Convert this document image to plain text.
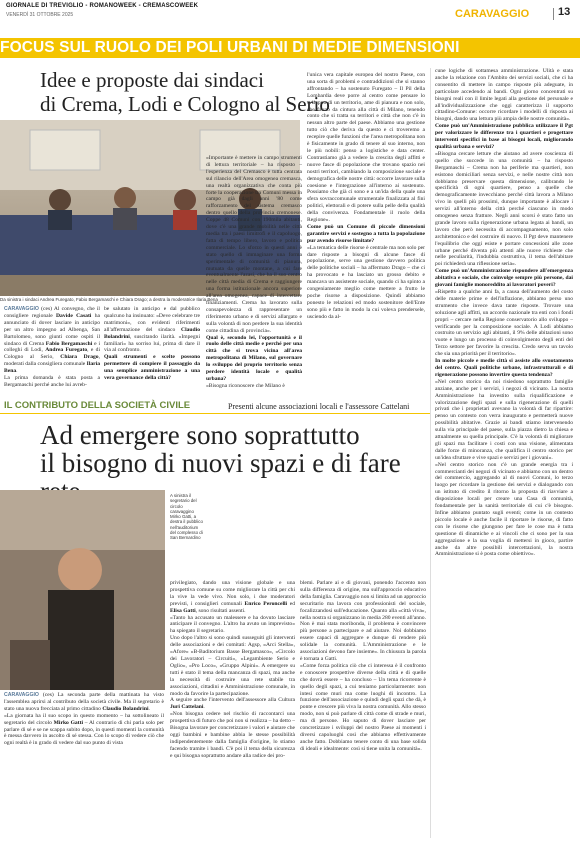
GIORNALE DI TREVIGLIO - ROMANOWEEK - CREMASCOWEEK
VENERDÌ 31 OTTOBRE 2025	CARAVAGGIO	13
FOCUS SUL RUOLO DEI POLI URBANI DI MEDIE DIMENSIONI
Idee e proposte dai sindaci
di Crema, Lodi e Cologno al Serio
Da sinistra i sindaci Andrea Furegato, Fabio Bergamaschi e Chiara Drago; a destra la moderatrice Ilaria Bena
CARAVAGGIO (ces) Al convegno, che il consigliere regionale Davide Casati ha annunciato di dover lasciare in anticipo per un altro impegno ad Albenga, San Bartolomeo, sono giunti come ospiti il sindaco di Crema Fabio Bergamaschi e i colleghi di Lodi, Andrea Furegato, e di Cologno al Serio, Chiara Drago, moderati dalla consigliera comunale Ilaria Bena.
La prima domanda è stata posta a Bergamaschi perché anche lui avreb-
be salutato in anticipo e dal pubblico qualcuno ha insinuato: «Deve celebrare tre matrimoni», con evidenti riferimenti all'affermazione del sindaco Claudio Bolandrini, suscitando ilarità. «Impegni familiari» ha sorriso lui, prima di dare il via al confronto.
Quali strumenti e scelte possono permettere di compiere il passaggio da una semplice amministrazione a una vera governance della città?
«Importante è mettere in campo strumenti di lettura territoriale – ha risposto – l'esperienza del Cremasco è tutta centrata sul rilancio dell'Area omogenea cremasca, una realtà organizzativa che conta più forte la cooperazione tra Comuni messa in campo già dagli anni '80 come rafforzamento del sistema cremasco dentro quello della provincia cremonese. Coppe 48 Comuni con 190mila abitanti, dove c'è una grande mobilità nelle città media tra i paesi limitrofi e il capoluogo, fatta di tempo libero, lavoro e politica commerciale. Lo sforzo in questi anni è stato quello di immaginare una forma sperimentale di comunità di pianura, mutuata da quelle montane, a cui fare eventualmente l'azasi, che ha il suo centro nelle città media di Crema e raggiungere una forma istituzionale ancora superiore all'area omogenea, capace di intercettare finanziamenti. Crema ha lavorato sulla consapevolezza di rappresentare un riferimento urbano e di servizi allargato e sulla volontà di non perdere la sua identità come cittadina di provincia».
Qual è, secondo lei, l'opportunità e il ruolo delle città medie e perché per una città che si trova vicina all'area metropolitana di Milano, sul governare lo sviluppo del proprio territorio senza perdere identità locale e qualità urbana?
«Bisogna riconoscere che Milano è
l'unica vera capitale europea del nostro Paese, con una sorta di problemi e contraddizioni che si stanno affrontando – ha sostenuto Furegato – Il Pil della Lombardia deve porre al centro come pensare lo sviluppo di un territorio, ame di pianura e non solo, che fanno da cintura alla città di Milano, tenendo conto che si tratta su territori e città che non c'è in nessun altro parte del paese. Abbiamo una gestione tutto ciò che deriva da questo e ci troveremo a recepire quelle funzioni che l'area metropolitana non è fisicamente in grado di tenere al suo interno, non le più nobili: penso a logistiche e data center. Contrastiamo già a vedere la crescita degli affitti e nuove fasce di popolazione che trovano spazio nei nostri territori, cambiando la composizione sociale e demografica delle nostre città: occorre lavorare sulla coesione e l'integrazione all'interno ai sostenuto. Possiamo che già ci sono e a un'ida della quale una sfera sovraccomunale strumentale finalizzata al fini politici, elettorali e di potere sulla pelle della qualità della convivenza. Fondamentale il ruolo della Regione».
Come può un Comune di piccole dimensioni garantire servizi e sostegno a tutta la popolazione pur avendo risorse limitate?
«La tematica delle risorse è centrale ma non solo per dare risposte a bisogni di alcune fasce di popolazione, serve una gestione davvero politica delle politiche sociali – ha affermato Drago – che ci ha provocato e ha lasciato un grosso debito e mancava un assistente sociale, quando ci ha spinto a congeniamente meglio come mettere a frutto le poche risorse a disposizione. Quindi abbiamo ponesto le relazioni ed modo sostenitore dell'Ente sono più e fatto in modo la cui voleva prendersele, usciendo da al-
cune logiche di sottamesa amministrazione. Ulità e stata anche la relazione con l'Ambito dei servizi sociali, che ci ha consentito di mettere in campo risposte più adeguate, in particolare accedendo ai bandi. Ogni giorno concentrati su bisogni reali con il limite legati alla gestione del personale e all'individualizzazione che oggi caratterizza il supporto cittadino-Comune: occorre ricordare i modelli di risposta ai bisogni, dando una lettura più ampia delle nostre comunità».
Come può un'Amministrazione pubblica utilizzare il Pgt per valorizzare le differenze tra i quartieri e progettare interventi specifici in base ai bisogni locali, migliorando qualità urbana e servizi?
«Bisogna cercare letture che aiutano ad avere coscienza di quello che succede in una comunità – ha risposto Bergamaschi – Crema non ha periferie ma quartieri, non esistono domiciliari senza servizi, e nelle nostre città non dobbiamo preservare questa dimensione, calibrando le specificità di ogni quartiere, penso a quelle che demograficamente invecchiano perché città lavora a Milano vivo in quelli più prossimi, dunque importante è allocare i servizi all'interno della città perché ciascuno in modo omogeneo senza fratture. Negli anni scorsi è stato fatto un grande lavoro sulla rigenerazione urbana legata ai bandi, un lavoro che però necessita di accompagnamento, non solo architettonico e del costruire di nuovo. Il Pgt deve mantenere l'equilibrio che oggi esiste e portare concessioni alle zone urbane perché diventa più attenti alle nuove richieste che nelle peculiarità, l'indubbia costruttiva, il tema dell'abitare poi richiederà una riflessione seria».
Come può un'Amministrazione rispondere all'emergenza abitativa e sociale, che coinvolge sempre più persone, dai giovani famiglie monoreddito ai lavoratori poveri?
«Rispetto a qualche anni fa, a causa dell'aumento del costo delle materie prime e dell'inflazione, abbiamo perso uno strumento che invece dava tante risposte. Trovare una soluzione agli affitti, un accordo nazionale tra enti con i fondi propri – cercare nella Regione conservatorio allo sviluppo – verificando per la composizione sociale. A Lodi abbiamo costruito un servizio agli abitanti, il 9% delle abitazioni sono vuote e lungo un processo di coinvolgimento degli enti del Terzo settore per favorire la crescita. Credo serva un tavolo che sia una priorità per il territorio».
In molte piccole e medie città si assiste allo svuotamento del centro. Quali politiche urbane, infrastrutturali e di rigenerazione possono invertire questa tendenza?
«Nel centro storico da noi risiedono soprattutto famiglie anziane, anche per i servizi, i negozi di vicinato. La nostra Amministrazione ha investito sulla riqualificazione e valorizzazione degli spazi e sulla rigenerazione di quelli privati che i proprietari avevano la volontà di far ripartire: penso un contesto con verra inaugurato e permetterà nuove possibilità abitative. Grazie ai bandi stiamo intervenendo sulla via principale del paese, sulla piazza dietro la chiesa e attualmente su quella principale. C'è la volontà di migliorare gli spazi ma facilitare i costi con una visione, alimentata dalle forze di minoranza, che qualifica il centro storico per un'idea sfruttare e vive spazi e servizi per i giovani».
«Nel centro storico non c'è un grande energia tra i commercianti dei negozi di vicinato e abbiamo con un dentro del commercio, aggregando al di nuovi Comuni, lo terzo luogo per ricordare la gestione dei servizi e dialogando con un istituto di credito il ritorno la proposta di riavviare a disposizione locali per creare una Casa di comunità, fondamentale per la sanità territoriale di cui c'è bisogno. Infine abbiamo puntato sugli eventi; come in un contesto piccolo locale è anche facile il riportare le risorse, di fatto con le risorse che giungono per fare le cose ma è tutta questione di dinamiche e ai vincoli che ci sono per la sua aggregazione e la sua voglia di mettersi in gioco, partire anche da altre possibili intercettazioni, la nostra Amministrazione si è posta come obiettivo».
IL CONTRIBUTO DELLA SOCIETÀ CIVILE	Presenti alcune associazioni locali e l'assessore Cattelani
Ad emergere sono soprattutto
il bisogno di nuovi spazi e di fare
A sinistra il segretario del circolo caravaggino Mirko Gatti, a destra il pubblico nell'auditorium del complesso di San Bernardino
CARAVAGGIO (ces) La seconda parte della mattinata ha visto l'assemblea aprirsi al contributo della società civile. Ma il segretario è stato una nuova frecciata al primo cittadino Claudio Bolandrini.
«La giornata ha il suo scopo in questo momento – ha sottolineato il segretario del circolo Mirko Gatti – Al contrario di chi parla solo per parlare di sé e se ne scappa subito dopo, in questi momenti la comunità è messa davvero in ascolto di sé stessa. Con lo scopo di vedere ciò che ogni realtà è in grado di vedere dal suo punto di vista
privilegiato, dando una visione globale e una prospettiva comune su come migliorare la città per chi la vive la vede vivo. Non solo, i due moderatori previsti, i consiglieri comunali Enrico Peroncelli ed Elisa Gatti, sono risultati assenti.
«Tanto ha accusato un malessere e ha dovuto lasciare anticipare il convegno. L'altro ha avuto un imprevisto» ha spiegato il segretario.
Uno dopo l'altro si sono quindi susseguiti gli interventi delle associazioni e dei comitati: Agsp, «Arci Stella», «Afore» «B-Baditorium Basse Bergamasco», «Circolo dei Lavoratori – Circuiti», «Legambiente Serio e Oglio», «Pro Loco», «Gruppo Alpini». A emergere su tutti è stato il tema della mancanza di spazi, ma anche la necessità di costruire una rete stabile tra associazioni, cittadini e Amministrazione comunale, in modo da favorire la partecipazione.
A seguire anche l'intervento dell'assessore alla Cultura Juri Cattelani.
«Non bisogna cedere nel rischio di raccontarci una prospettiva di futuro che poi non si realizza – ha detto – Bisogna lavorare per concretizzare i valori e aiutare che oggi bambini e bambine abbia le stesse possibilità indipendentemente dalla famiglia d'origine, lo stiamo facendo tramite i bandi. C'è poi il tema della sicurezza e qui bisogna soprattutto andare alla radice dei pro-
blemi. Parlare ai e di giovani, ponendo l'accento non sulla differenza di origine, ma sull'approccio educativo della famiglia. Caravaggio non si limita ad un approccio securitario ma lavora con professionisti del sociale, focalizzandosi sull'educazione. Quanto alla «città viva», nella nostra si organizzano in media 280 eventi all'anno. Non è mai stata moribonda, il problema è convincere più persone a partecipare e ad aiutare. Noi dobbiamo essere capaci di aggregare e dunque di rendere più solidale la comunità. L'Amministrazione e le associazioni devono fare insieme». In chiusura la parola è tornata a Gatti.
«Come forza politica ciò che ci interessa è il confronto e conoscere prospettive diverse della città e di quelle che dovrà essere – ha concluso – Un tema ricorrente è quello degli spazi, a cui teniamo particolarmente: non intesi come muri ma come luoghi di incontro. La funzione dell'associazione e quindi degli spazi che dà, è ponte e crescere più viva la nostra comunità. Allo stesso modo, non si può parlare di città come di strade e muri, ma di persone. Ho saputo di dover lasciare per concretizzare i sviluppi del nostro Paese ai momenti i diversi capoluoghi così che abbiamo effettivamente anche fatto. Dobbiamo tenere conto di una base solida di ideali e idealmente: così si tiene unita la comunità».
